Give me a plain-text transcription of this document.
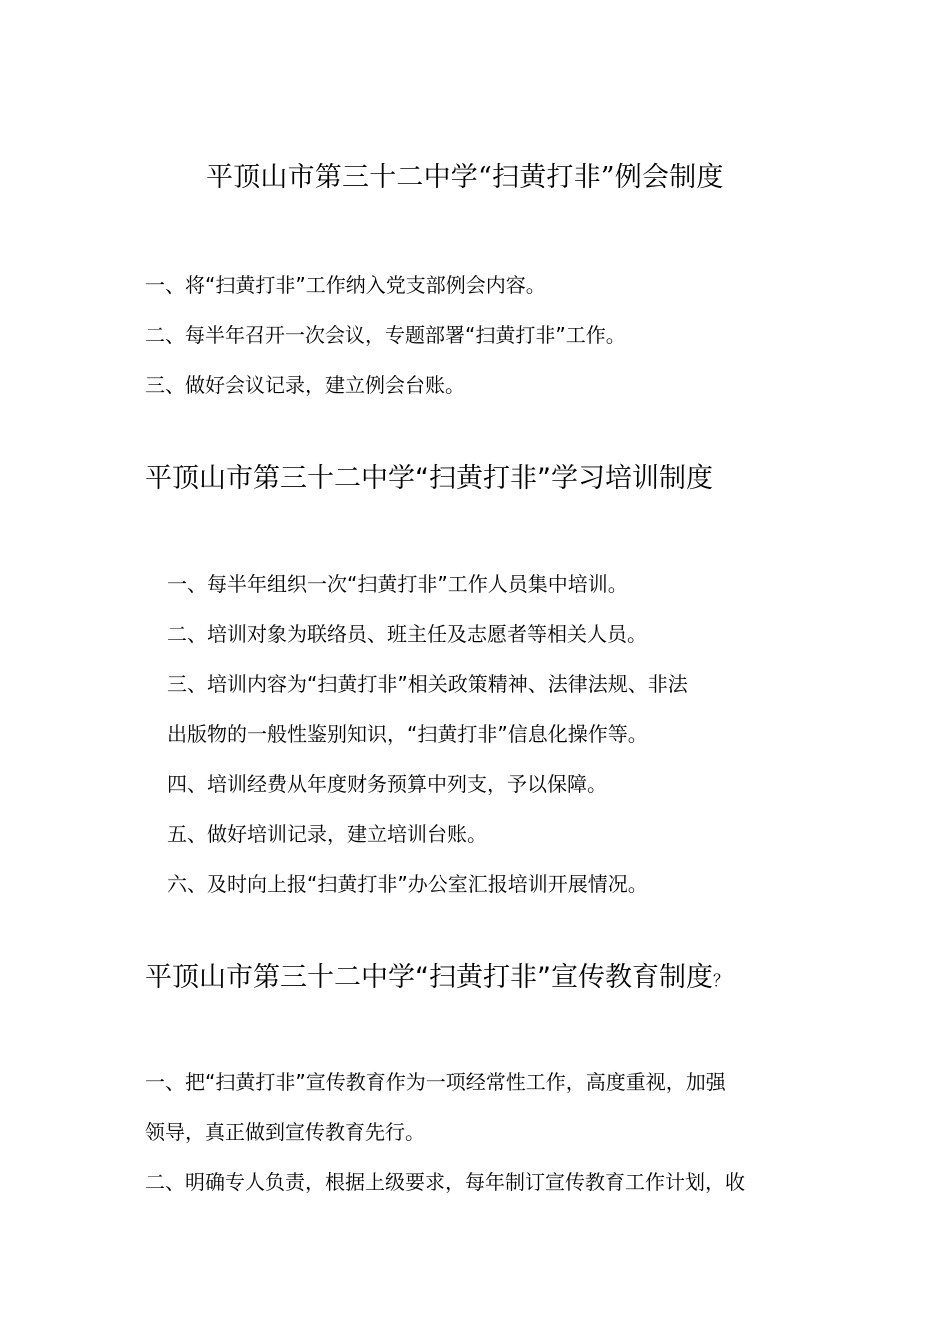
平顶山市第三十二中学“扫黄打非”例会制度

一、将“扫黄打非”工作纳入党支部例会内容。

二、每半年召开一次会议，专题部署“扫黄打非”工作。

三、做好会议记录，建立例会台账。

平顶山市第三十二中学“扫黄打非”学习培训制度

一、每半年组织一次“扫黄打非”工作人员集中培训。

二、培训对象为联络员、班主任及志愿者等相关人员。

三、培训内容为“扫黄打非”相关政策精神、法律法规、非法

出版物的一般性鉴别知识，“扫黄打非”信息化操作等。

四、培训经费从年度财务预算中列支，予以保障。

五、做好培训记录，建立培训台账。

六、及时向上报“扫黄打非”办公室汇报培训开展情况。

平顶山市第三十二中学“扫黄打非”宣传教育制度？

一、把“扫黄打非”宣传教育作为一项经常性工作，高度重视，加强

领导，真正做到宣传教育先行。

二、明确专人负责，根据上级要求，每年制订宣传教育工作计划，收
